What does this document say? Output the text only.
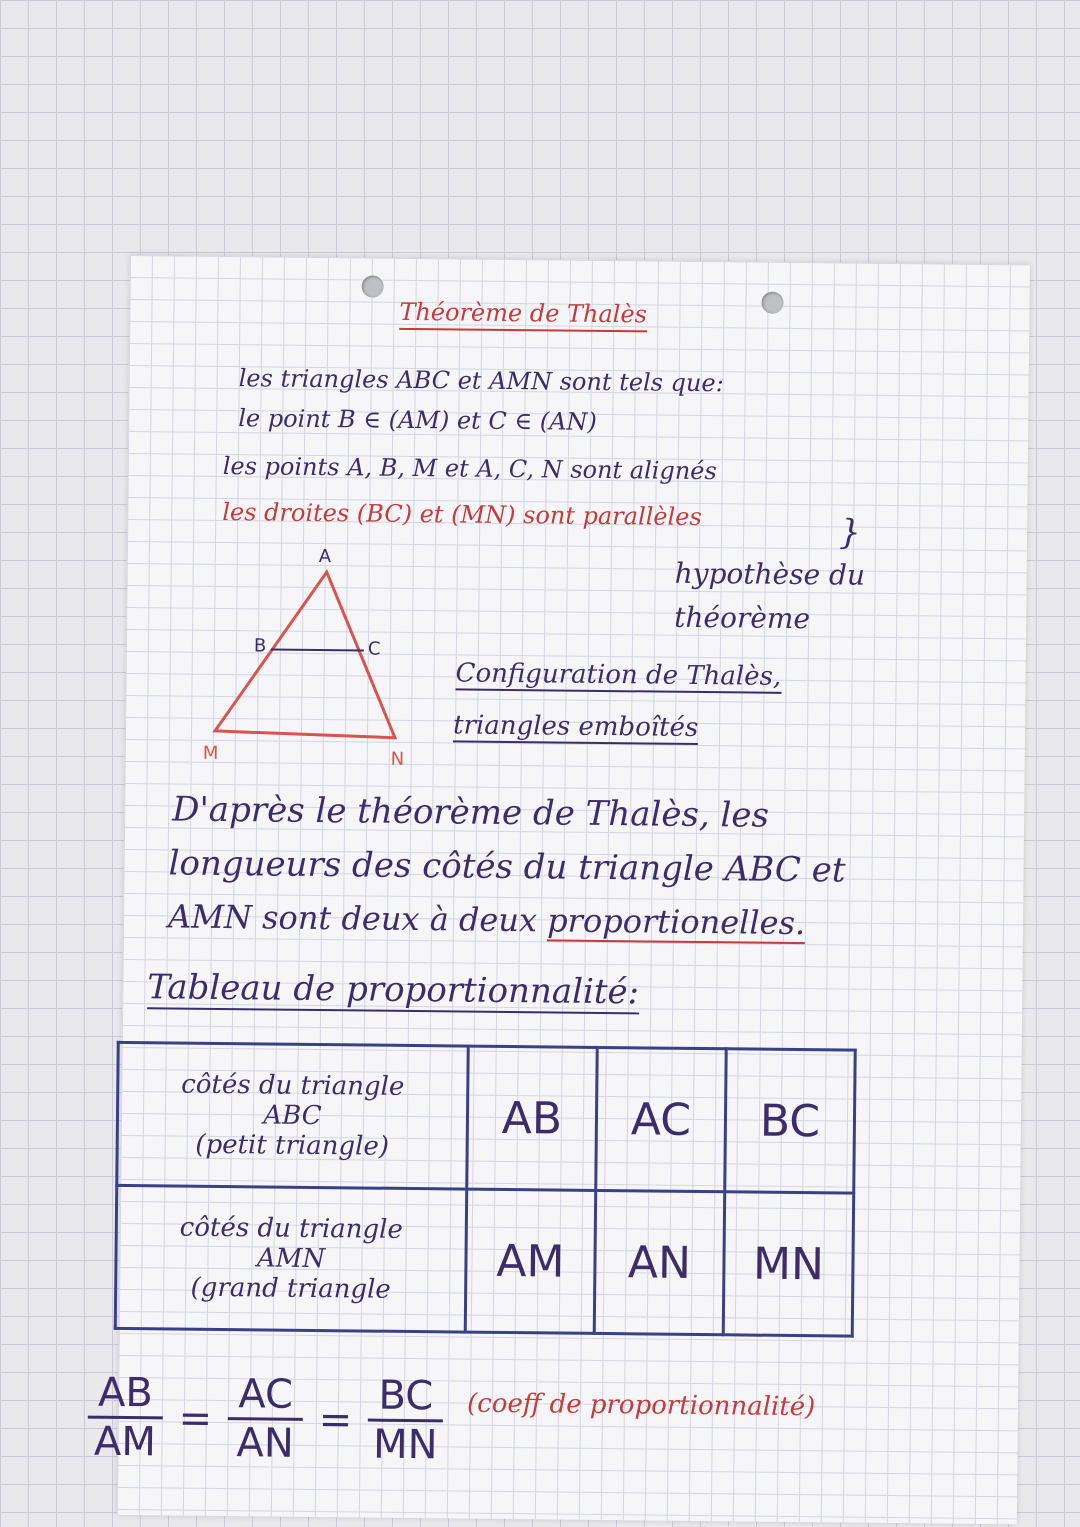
Théorème de Thalès
les triangles ABC et AMN sont tels que:
le point B ∈ (AM) et C ∈ (AN)
les points A, B, M et A, C, N sont alignés
les droites (BC) et (MN) sont parallèles	}
hypothèse du
théorème
A
B	C
M	N
Configuration de Thalès,
triangles emboîtés
D'après le théorème de Thalès, les
longueurs des côtés du triangle ABC et
AMN sont deux à deux proportionelles.
Tableau de proportionnalité:
côtés du triangle
ABC
(petit triangle)	AB	AC	BC

côtés du triangle
AMN
(grand triangle	AM	AN	MN
$\frac{AB}{AM} = \frac{AC}{AN} = \frac{BC}{MN}$ (coeff de proportionnalité)
